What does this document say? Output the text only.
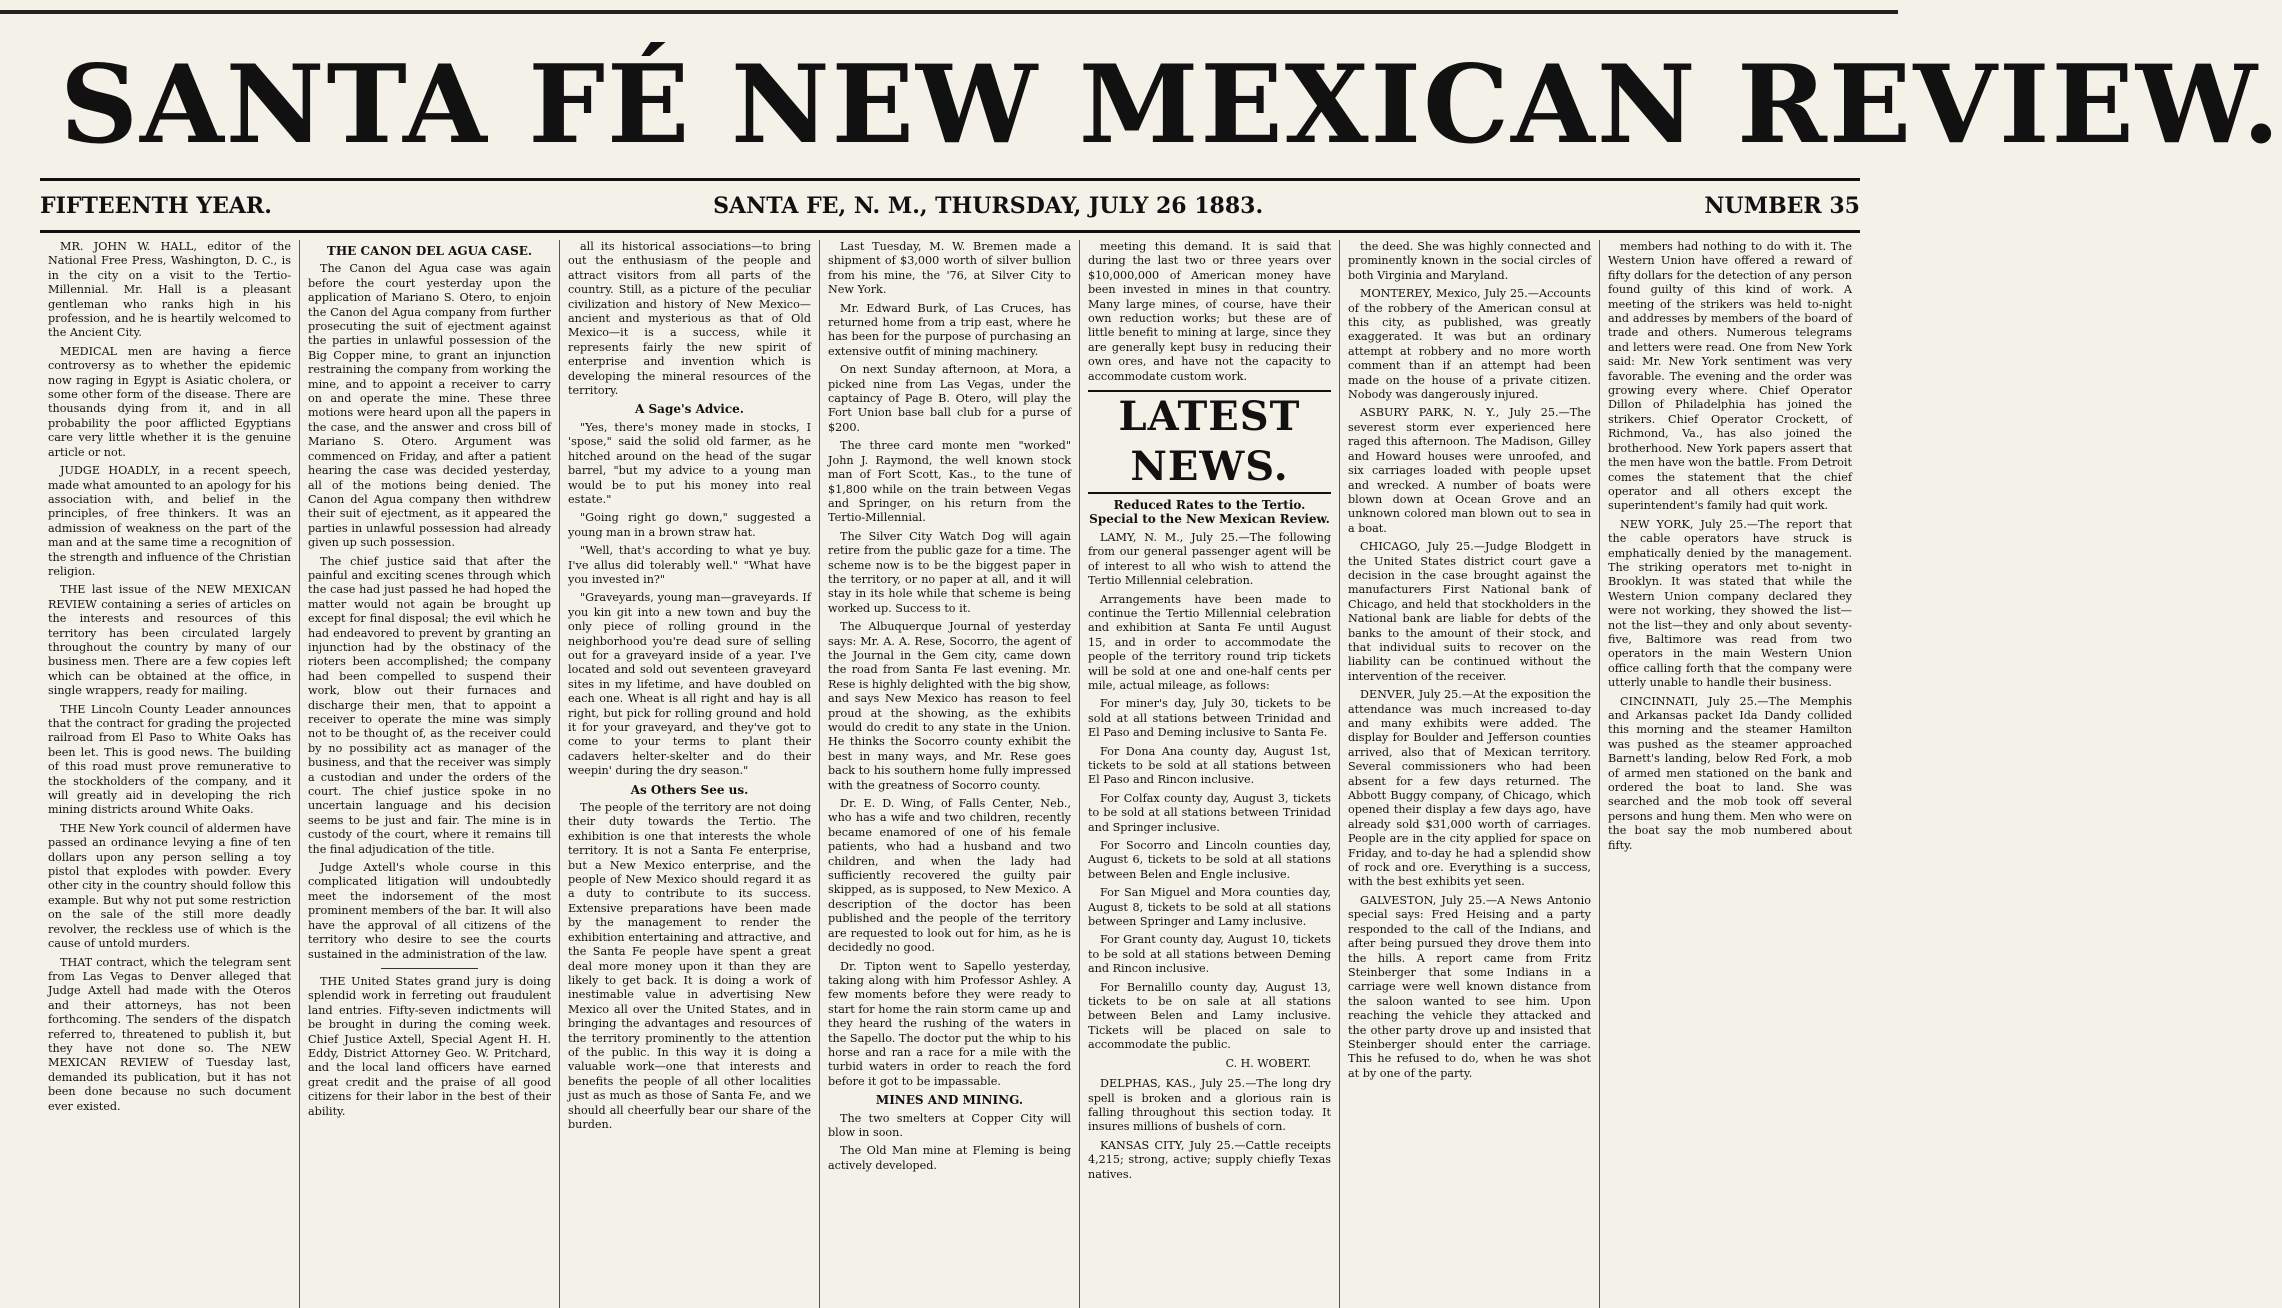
SANTA FÉ NEW MEXICAN REVIEW.
FIFTEENTH YEAR.	SANTA FE, N. M., THURSDAY, JULY 26 1883.	NUMBER 35

MR. JOHN W. HALL, editor of the National Free Press, Washington, D. C., is in the city on a visit to the Tertio-Millennial. Mr. Hall is a pleasant gentleman who ranks high in his profession, and he is heartily welcomed to the Ancient City.

MEDICAL men are having a fierce controversy as to whether the epidemic now raging in Egypt is Asiatic cholera, or some other form of the disease. There are thousands dying from it, and in all probability the poor afflicted Egyptians care very little whether it is the genuine article or not.

JUDGE HOADLY, in a recent speech, made what amounted to an apology for his association with, and belief in the principles, of free thinkers. It was an admission of weakness on the part of the man and at the same time a recognition of the strength and influence of the Christian religion.

THE last issue of the NEW MEXICAN REVIEW containing a series of articles on the interests and resources of this territory has been circulated largely throughout the country by many of our business men. There are a few copies left which can be obtained at the office, in single wrappers, ready for mailing.

THE Lincoln County Leader announces that the contract for grading the projected railroad from El Paso to White Oaks has been let. This is good news. The building of this road must prove remunerative to the stockholders of the company, and it will greatly aid in developing the rich mining districts around White Oaks.

THE New York council of aldermen have passed an ordinance levying a fine of ten dollars upon any person selling a toy pistol that explodes with powder. Every other city in the country should follow this example. But why not put some restriction on the sale of the still more deadly revolver, the reckless use of which is the cause of untold murders.

THAT contract, which the telegram sent from Las Vegas to Denver alleged that Judge Axtell had made with the Oteros and their attorneys, has not been forthcoming. The senders of the dispatch referred to, threatened to publish it, but they have not done so. The NEW MEXICAN REVIEW of Tuesday last, demanded its publication, but it has not been done because no such document ever existed.

THE CANON DEL AGUA CASE.

The Canon del Agua case was again before the court yesterday upon the application of Mariano S. Otero, to enjoin the Canon del Agua company from further prosecuting the suit of ejectment against the parties in unlawful possession of the Big Copper mine, to grant an injunction restraining the company from working the mine, and to appoint a receiver to carry on and operate the mine. These three motions were heard upon all the papers in the case, and the answer and cross bill of Mariano S. Otero. Argument was commenced on Friday, and after a patient hearing the case was decided yesterday, all of the motions being denied. The Canon del Agua company then withdrew their suit of ejectment, as it appeared the parties in unlawful possession had already given up such possession.

The chief justice said that after the painful and exciting scenes through which the case had just passed he had hoped the matter would not again be brought up except for final disposal; the evil which he had endeavored to prevent by granting an injunction had by the obstinacy of the rioters been accomplished; the company had been compelled to suspend their work, blow out their furnaces and discharge their men, that to appoint a receiver to operate the mine was simply not to be thought of, as the receiver could by no possibility act as manager of the business, and that the receiver was simply a custodian and under the orders of the court. The chief justice spoke in no uncertain language and his decision seems to be just and fair. The mine is in custody of the court, where it remains till the final adjudication of the title.

Judge Axtell's whole course in this complicated litigation will undoubtedly meet the indorsement of the most prominent members of the bar. It will also have the approval of all citizens of the territory who desire to see the courts sustained in the administration of the law.

THE United States grand jury is doing splendid work in ferreting out fraudulent land entries. Fifty-seven indictments will be brought in during the coming week. Chief Justice Axtell, Special Agent H. H. Eddy, District Attorney Geo. W. Pritchard, and the local land officers have earned great credit and the praise of all good citizens for their labor in the best of their ability.

all its historical associations—to bring out the enthusiasm of the people and attract visitors from all parts of the country. Still, as a picture of the peculiar civilization and history of New Mexico—ancient and mysterious as that of Old Mexico—it is a success, while it represents fairly the new spirit of enterprise and invention which is developing the mineral resources of the territory.

A Sage's Advice.

"Yes, there's money made in stocks, I 'spose," said the solid old farmer, as he hitched around on the head of the sugar barrel, "but my advice to a young man would be to put his money into real estate."

"Going right go down," suggested a young man in a brown straw hat.

"Well, that's according to what ye buy. I've allus did tolerably well." "What have you invested in?"

"Graveyards, young man—graveyards. If you kin git into a new town and buy the only piece of rolling ground in the neighborhood you're dead sure of selling out for a graveyard inside of a year. I've located and sold out seventeen graveyard sites in my lifetime, and have doubled on each one. Wheat is all right and hay is all right, but pick for rolling ground and hold it for your graveyard, and they've got to come to your terms to plant their cadavers helter-skelter and do their weepin' during the dry season."

As Others See us.

The people of the territory are not doing their duty towards the Tertio. The exhibition is one that interests the whole territory. It is not a Santa Fe enterprise, but a New Mexico enterprise, and the people of New Mexico should regard it as a duty to contribute to its success. Extensive preparations have been made by the management to render the exhibition entertaining and attractive, and the Santa Fe people have spent a great deal more money upon it than they are likely to get back. It is doing a work of inestimable value in advertising New Mexico all over the United States, and in bringing the advantages and resources of the territory prominently to the attention of the public. In this way it is doing a valuable work—one that interests and benefits the people of all other localities just as much as those of Santa Fe, and we should all cheerfully bear our share of the burden.

Last Tuesday, M. W. Bremen made a shipment of $3,000 worth of silver bullion from his mine, the '76, at Silver City to New York.

Mr. Edward Burk, of Las Cruces, has returned home from a trip east, where he has been for the purpose of purchasing an extensive outfit of mining machinery.

On next Sunday afternoon, at Mora, a picked nine from Las Vegas, under the captaincy of Page B. Otero, will play the Fort Union base ball club for a purse of $200.

The three card monte men "worked" John J. Raymond, the well known stock man of Fort Scott, Kas., to the tune of $1,800 while on the train between Vegas and Springer, on his return from the Tertio-Millennial.

The Silver City Watch Dog will again retire from the public gaze for a time. The scheme now is to be the biggest paper in the territory, or no paper at all, and it will stay in its hole while that scheme is being worked up. Success to it.

The Albuquerque Journal of yesterday says: Mr. A. A. Rese, Socorro, the agent of the Journal in the Gem city, came down the road from Santa Fe last evening. Mr. Rese is highly delighted with the big show, and says New Mexico has reason to feel proud at the showing, as the exhibits would do credit to any state in the Union. He thinks the Socorro county exhibit the best in many ways, and Mr. Rese goes back to his southern home fully impressed with the greatness of Socorro county.

Dr. E. D. Wing, of Falls Center, Neb., who has a wife and two children, recently became enamored of one of his female patients, who had a husband and two children, and when the lady had sufficiently recovered the guilty pair skipped, as is supposed, to New Mexico. A description of the doctor has been published and the people of the territory are requested to look out for him, as he is decidedly no good.

Dr. Tipton went to Sapello yesterday, taking along with him Professor Ashley. A few moments before they were ready to start for home the rain storm came up and they heard the rushing of the waters in the Sapello. The doctor put the whip to his horse and ran a race for a mile with the turbid waters in order to reach the ford before it got to be impassable.

MINES AND MINING.

The two smelters at Copper City will blow in soon.

The Old Man mine at Fleming is being actively developed.

meeting this demand. It is said that during the last two or three years over $10,000,000 of American money have been invested in mines in that country. Many large mines, of course, have their own reduction works; but these are of little benefit to mining at large, since they are generally kept busy in reducing their own ores, and have not the capacity to accommodate custom work.

LATEST NEWS.
Reduced Rates to the Tertio. Special to the New Mexican Review.

LAMY, N. M., July 25.—The following from our general passenger agent will be of interest to all who wish to attend the Tertio Millennial celebration.

Arrangements have been made to continue the Tertio Millennial celebration and exhibition at Santa Fe until August 15, and in order to accommodate the people of the territory round trip tickets will be sold at one and one-half cents per mile, actual mileage, as follows:

For miner's day, July 30, tickets to be sold at all stations between Trinidad and El Paso and Deming inclusive to Santa Fe.

For Dona Ana county day, August 1st, tickets to be sold at all stations between El Paso and Rincon inclusive.

For Colfax county day, August 3, tickets to be sold at all stations between Trinidad and Springer inclusive.

For Socorro and Lincoln counties day, August 6, tickets to be sold at all stations between Belen and Engle inclusive.

For San Miguel and Mora counties day, August 8, tickets to be sold at all stations between Springer and Lamy inclusive.

For Grant county day, August 10, tickets to be sold at all stations between Deming and Rincon inclusive.

For Bernalillo county day, August 13, tickets to be on sale at all stations between Belen and Lamy inclusive. Tickets will be placed on sale to accommodate the public.

C. H. WOBERT.

DELPHAS, KAS., July 25.—The long dry spell is broken and a glorious rain is falling throughout this section today. It insures millions of bushels of corn.

KANSAS CITY, July 25.—Cattle receipts 4,215; strong, active; supply chiefly Texas natives.

the deed. She was highly connected and prominently known in the social circles of both Virginia and Maryland.

MONTEREY, Mexico, July 25.—Accounts of the robbery of the American consul at this city, as published, was greatly exaggerated. It was but an ordinary attempt at robbery and no more worth comment than if an attempt had been made on the house of a private citizen. Nobody was dangerously injured.

ASBURY PARK, N. Y., July 25.—The severest storm ever experienced here raged this afternoon. The Madison, Gilley and Howard houses were unroofed, and six carriages loaded with people upset and wrecked. A number of boats were blown down at Ocean Grove and an unknown colored man blown out to sea in a boat.

CHICAGO, July 25.—Judge Blodgett in the United States district court gave a decision in the case brought against the manufacturers First National bank of Chicago, and held that stockholders in the National bank are liable for debts of the banks to the amount of their stock, and that individual suits to recover on the liability can be continued without the intervention of the receiver.

DENVER, July 25.—At the exposition the attendance was much increased to-day and many exhibits were added. The display for Boulder and Jefferson counties arrived, also that of Mexican territory. Several commissioners who had been absent for a few days returned. The Abbott Buggy company, of Chicago, which opened their display a few days ago, have already sold $31,000 worth of carriages. People are in the city applied for space on Friday, and to-day he had a splendid show of rock and ore. Everything is a success, with the best exhibits yet seen.

GALVESTON, July 25.—A News Antonio special says: Fred Heising and a party responded to the call of the Indians, and after being pursued they drove them into the hills. A report came from Fritz Steinberger that some Indians in a carriage were well known distance from the saloon wanted to see him. Upon reaching the vehicle they attacked and the other party drove up and insisted that Steinberger should enter the carriage. This he refused to do, when he was shot at by one of the party.

members had nothing to do with it. The Western Union have offered a reward of fifty dollars for the detection of any person found guilty of this kind of work. A meeting of the strikers was held to-night and addresses by members of the board of trade and others. Numerous telegrams and letters were read. One from New York said: Mr. New York sentiment was very favorable. The evening and the order was growing every where. Chief Operator Dillon of Philadelphia has joined the strikers. Chief Operator Crockett, of Richmond, Va., has also joined the brotherhood. New York papers assert that the men have won the battle. From Detroit comes the statement that the chief operator and all others except the superintendent's family had quit work.

NEW YORK, July 25.—The report that the cable operators have struck is emphatically denied by the management. The striking operators met to-night in Brooklyn. It was stated that while the Western Union company declared they were not working, they showed the list—not the list—they and only about seventy-five, Baltimore was read from two operators in the main Western Union office calling forth that the company were utterly unable to handle their business.

CINCINNATI, July 25.—The Memphis and Arkansas packet Ida Dandy collided this morning and the steamer Hamilton was pushed as the steamer approached Barnett's landing, below Red Fork, a mob of armed men stationed on the bank and ordered the boat to land. She was searched and the mob took off several persons and hung them. Men who were on the boat say the mob numbered about fifty.
